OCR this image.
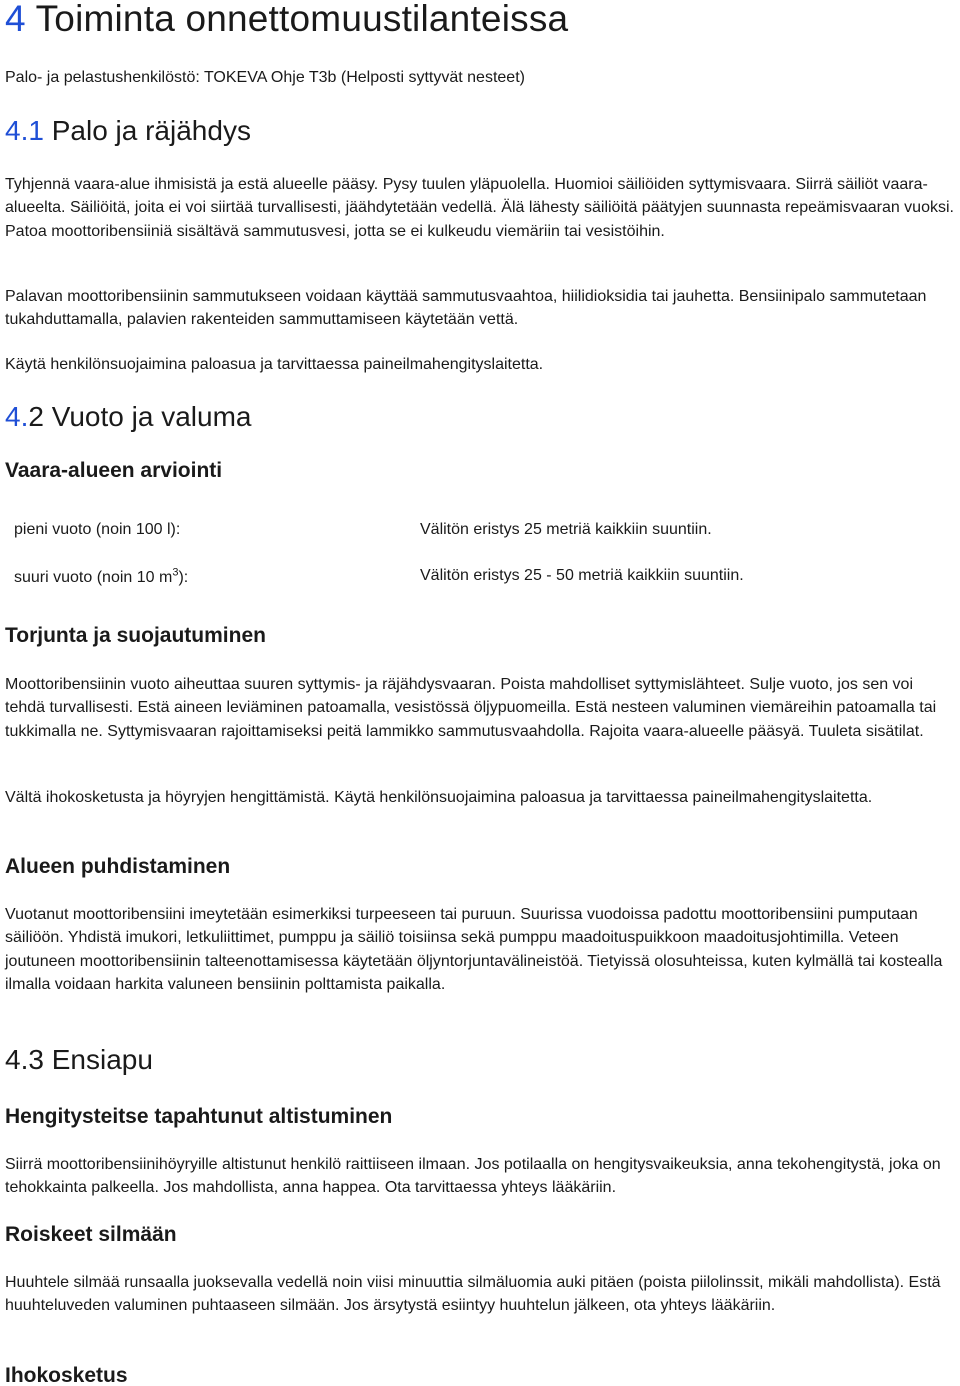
4 Toiminta onnettomuustilanteissa

Palo- ja pelastushenkilöstö: TOKEVA Ohje T3b (Helposti syttyvät nesteet)

4.1 Palo ja räjähdys

Tyhjennä vaara-alue ihmisistä ja estä alueelle pääsy. Pysy tuulen yläpuolella. Huomioi säiliöiden syttymisvaara. Siirrä säiliöt vaara-alueelta. Säiliöitä, joita ei voi siirtää turvallisesti, jäähdytetään vedellä. Älä lähesty säiliöitä päätyjen suunnasta repeämisvaaran vuoksi. Patoa moottoribensiiniä sisältävä sammutusvesi, jotta se ei kulkeudu viemäriin tai vesistöihin.

Palavan moottoribensiinin sammutukseen voidaan käyttää sammutusvaahtoa, hiilidioksidia tai jauhetta. Bensiinipalo sammutetaan tukahduttamalla, palavien rakenteiden sammuttamiseen käytetään vettä.

Käytä henkilönsuojaimina paloasua ja tarvittaessa paineilmahengityslaitetta.

4.2 Vuoto ja valuma
Vaara-alueen arviointi
pieni vuoto (noin 100 l):	Välitön eristys 25 metriä kaikkiin suuntiin.
suuri vuoto (noin 10 $m^3$):	Välitön eristys 25 - 50 metriä kaikkiin suuntiin.
Torjunta ja suojautuminen

Moottoribensiinin vuoto aiheuttaa suuren syttymis- ja räjähdysvaaran. Poista mahdolliset syttymislähteet. Sulje vuoto, jos sen voi tehdä turvallisesti. Estä aineen leviäminen patoamalla, vesistössä öljypuomeilla. Estä nesteen valuminen viemäreihin patoamalla tai tukkimalla ne. Syttymisvaaran rajoittamiseksi peitä lammikko sammutusvaahdolla. Rajoita vaara-alueelle pääsyä. Tuuleta sisätilat.

Vältä ihokosketusta ja höyryjen hengittämistä. Käytä henkilönsuojaimina paloasua ja tarvittaessa paineilmahengityslaitetta.

Alueen puhdistaminen

Vuotanut moottoribensiini imeytetään esimerkiksi turpeeseen tai puruun. Suurissa vuodoissa padottu moottoribensiini pumputaan säiliöön. Yhdistä imukori, letkuliittimet, pumppu ja säiliö toisiinsa sekä pumppu maadoituspuikkoon maadoitusjohtimilla. Veteen joutuneen moottoribensiinin talteenottamisessa käytetään öljyntorjuntavälineistöä. Tietyissä olosuhteissa, kuten kylmällä tai kostealla ilmalla voidaan harkita valuneen bensiinin polttamista paikalla.

4.3 Ensiapu
Hengitysteitse tapahtunut altistuminen

Siirrä moottoribensiinihöyryille altistunut henkilö raittiiseen ilmaan. Jos potilaalla on hengitysvaikeuksia, anna tekohengitystä, joka on tehokkainta palkeella. Jos mahdollista, anna happea. Ota tarvittaessa yhteys lääkäriin.

Roiskeet silmään

Huuhtele silmää runsaalla juoksevalla vedellä noin viisi minuuttia silmäluomia auki pitäen (poista piilolinssit, mikäli mahdollista). Estä huuhteluveden valuminen puhtaaseen silmään. Jos ärsytystä esiintyy huuhtelun jälkeen, ota yhteys lääkäriin.

Ihokosketus
